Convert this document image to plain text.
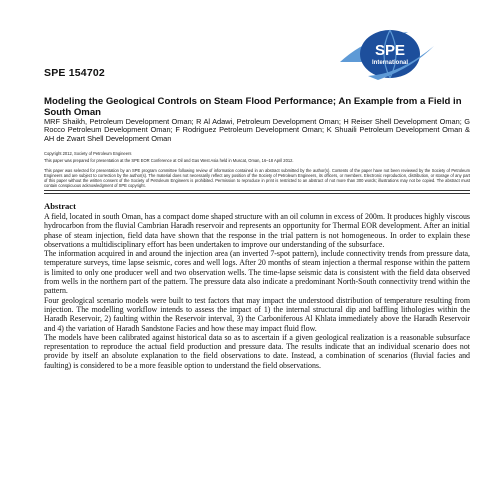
SPE
International
SPE 154702
Modeling the Geological Controls on Steam Flood Performance; An Example from a Field in South Oman
MRF Shaikh, Petroleum Development Oman; R Al Adawi, Petroleum Development Oman; H Reiser Shell Development Oman; G Rocco Petroleum Development Oman; F Rodriguez Petroleum Development Oman; K Shuaili Petroleum Development Oman & AH de Zwart Shell Development Oman
Copyright 2012, Society of Petroleum Engineers
This paper was prepared for presentation at the SPE EOR Conference at Oil and Gas West Asia held in Muscat, Oman, 16–18 April 2012.
This paper was selected for presentation by an SPE program committee following review of information contained in an abstract submitted by the author(s). Contents of the paper have not been reviewed by the Society of Petroleum Engineers and are subject to correction by the author(s). The material does not necessarily reflect any position of the Society of Petroleum Engineers, its officers, or members. Electronic reproduction, distribution, or storage of any part of this paper without the written consent of the Society of Petroleum Engineers is prohibited. Permission to reproduce in print is restricted to an abstract of not more than 300 words; illustrations may not be copied. The abstract must contain conspicuous acknowledgment of SPE copyright.
Abstract

A field, located in south Oman, has a compact dome shaped structure with an oil column in excess of 200m. It produces highly viscous hydrocarbon from the fluvial Cambrian Haradh reservoir and represents an opportunity for Thermal EOR development. After an initial phase of steam injection, field data have shown that the response in the trial pattern is not homogeneous. In order to explain these observations a multidisciplinary effort has been undertaken to improve our understanding of the subsurface.

The information acquired in and around the injection area (an inverted 7-spot pattern), include connectivity trends from pressure data, temperature surveys, time lapse seismic, cores and well logs. After 20 months of steam injection a thermal response within the pattern is limited to only one producer well and two observation wells. The time-lapse seismic data is consistent with the field data observed from wells in the northern part of the pattern. The pressure data also indicate a predominant North-South connectivity trend within the pattern.

Four geological scenario models were built to test factors that may impact the understood distribution of temperature resulting from injection. The modelling workflow intends to assess the impact of 1) the internal structural dip and baffling lithologies within the Haradh Reservoir, 2) faulting within the Reservoir interval, 3) the Carboniferous Al Khlata immediately above the Haradh Reservoir and 4) the variation of Haradh Sandstone Facies and how these may impact fluid flow.

The models have been calibrated against historical data so as to ascertain if a given geological realization is a reasonable subsurface representation to reproduce the actual field production and pressure data. The results indicate that an individual scenario does not provide by itself an absolute explanation to the field observations to date. Instead, a combination of scenarios (fluvial facies and faulting) is considered to be a more feasible option to understand the field observations.
